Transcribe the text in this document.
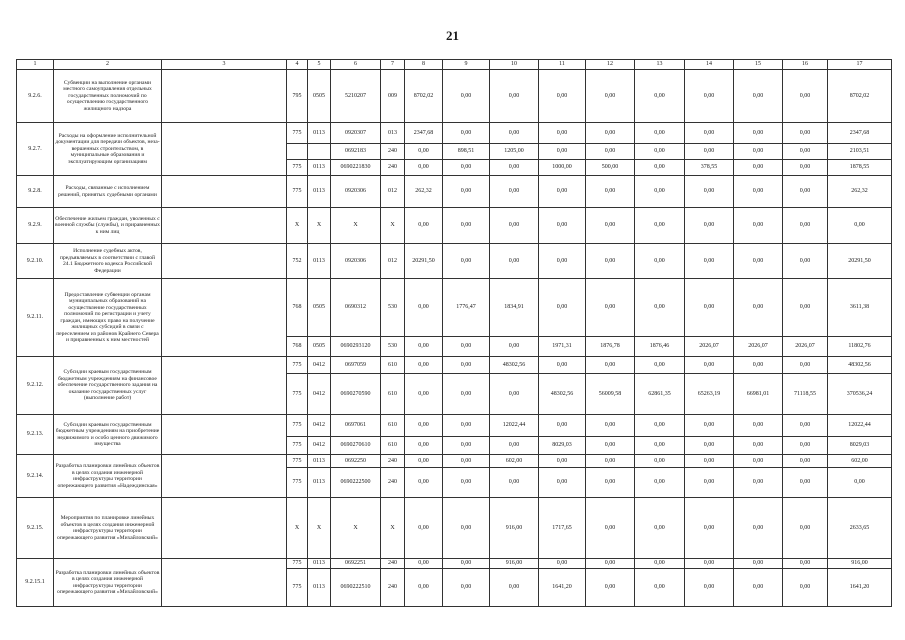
21
1	2	3	4	5	6	7	8	9	10	11	12	13	14	15	16	17
9.2.6.	Субвенции на выполнение органами местного самоуправления отдельных государственных полномочий по осуществлению государственного жилищного надзора		795	0505	5210207	009	8702,02	0,00	0,00	0,00	0,00	0,00	0,00	0,00	0,00	8702,02
9.2.7.	Расходы на оформление исполнительной документации для передачи объектов, незавершенных строительством, в муниципальные образования и эксплуатирующим организациям		775	0113	0920307	013	2347,68	0,00	0,00	0,00	0,00	0,00	0,00	0,00	0,00	2347,68
					0692183	240	0,00	898,51	1205,00	0,00	0,00	0,00	0,00	0,00	0,00	2103,51
			775	0113	0690221830	240	0,00	0,00	0,00	1000,00	500,00	0,00	378,55	0,00	0,00	1878,55
9.2.8.	Расходы, связанные с исполнением решений, принятых судебными органами		775	0113	0920306	012	262,32	0,00	0,00	0,00	0,00	0,00	0,00	0,00	0,00	262,32
9.2.9.	Обеспечение жильем граждан, уволенных с военной службы (службы), и приравненных к ним лиц		Х	Х	Х	Х	0,00	0,00	0,00	0,00	0,00	0,00	0,00	0,00	0,00	0,00
9.2.10.	Исполнение судебных актов, предъявляемых в соответствии с главой 24.1 Бюджетного кодекса Российской Федерации		752	0113	0920306	012	20291,50	0,00	0,00	0,00	0,00	0,00	0,00	0,00	0,00	20291,50
9.2.11.	Предоставление субвенции органам муниципальных образований на осуществление государственных полномочий по регистрации и учету граждан, имеющих право на получение жилищных субсидий в связи с переселением из районов Крайнего Севера и приравненных к ним местностей		768	0505	0690312	530	0,00	1776,47	1834,91	0,00	0,00	0,00	0,00	0,00	0,00	3611,38
			768	0505	0690293120	530	0,00	0,00	0,00	1971,31	1876,78	1876,46	2026,07	2026,07	2026,07	11802,76
9.2.12.	Субсидии краевым государственным бюджетным учреждениям на финансовое обеспечение государственного задания на оказание государственных услуг (выполнение работ)		775	0412	0697059	610	0,00	0,00	48302,56	0,00	0,00	0,00	0,00	0,00	0,00	48302,56
			775	0412	0690270590	610	0,00	0,00	0,00	48302,56	56009,58	62861,35	65263,19	66981,01	71118,55	370536,24
9.2.13.	Субсидии краевым государственным бюджетным учреждениям на приобретение недвижимого и особо ценного движимого имущества		775	0412	0697061	610	0,00	0,00	12022,44	0,00	0,00	0,00	0,00	0,00	0,00	12022,44
			775	0412	0690270610	610	0,00	0,00	0,00	8029,03	0,00	0,00	0,00	0,00	0,00	8029,03
9.2.14.	Разработка планировки линейных объектов в целях создания инженерной инфраструктуры территории опережающего развития «Надеждинская»		775	0113	0692250	240	0,00	0,00	602,00	0,00	0,00	0,00	0,00	0,00	0,00	602,00
			775	0113	0690222500	240	0,00	0,00	0,00	0,00	0,00	0,00	0,00	0,00	0,00	0,00
9.2.15.	Мероприятия по планировке линейных объектов в целях создания инженерной инфраструктуры территории опережающего развития «Михайловский»		Х	Х	Х	Х	0,00	0,00	916,00	1717,65	0,00	0,00	0,00	0,00	0,00	2633,65
9.2.15.1	Разработка планировки линейных объектов в целях создания инженерной инфраструктуры территории опережающего развития «Михайловский»		775	0113	0692251	240	0,00	0,00	916,00	0,00	0,00	0,00	0,00	0,00	0,00	916,00
			775	0113	0690222510	240	0,00	0,00	0,00	1641,20	0,00	0,00	0,00	0,00	0,00	1641,20
